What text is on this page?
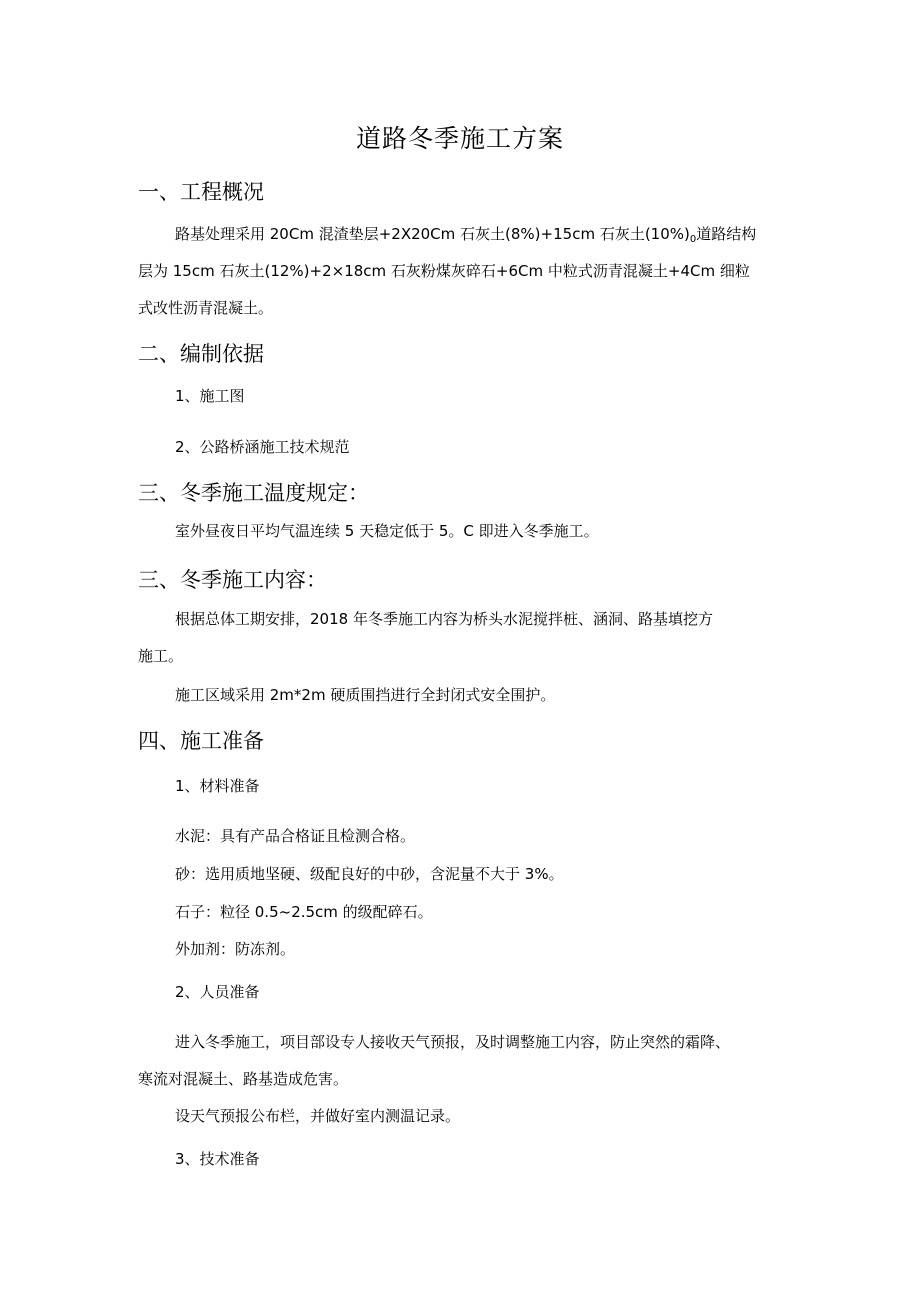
道路冬季施工方案
一、工程概况
路基处理采用 20Cm 混渣垫层+2X20Cm 石灰土(8%)+15cm 石灰土$(10\%)_0$道路结构
层为 15cm 石灰土(12%)+2×18cm 石灰粉煤灰碎石+6Cm 中粒式沥青混凝土+4Cm 细粒
式改性沥青混凝土。
二、编制依据
1、施工图
2、公路桥涵施工技术规范
三、冬季施工温度规定：
室外昼夜日平均气温连续 5 天稳定低于 5。C 即进入冬季施工。
三、冬季施工内容：
根据总体工期安排，2018 年冬季施工内容为桥头水泥搅拌桩、涵洞、路基填挖方
施工。
施工区域采用 2m*2m 硬质围挡进行全封闭式安全围护。
四、施工准备
1、材料准备
水泥：具有产品合格证且检测合格。
砂：选用质地坚硬、级配良好的中砂，含泥量不大于 3%。
石子：粒径 0.5~2.5cm 的级配碎石。
外加剂：防冻剂。
2、人员准备
进入冬季施工，项目部设专人接收天气预报，及时调整施工内容，防止突然的霜降、
寒流对混凝土、路基造成危害。
设天气预报公布栏，并做好室内测温记录。
3、技术准备
